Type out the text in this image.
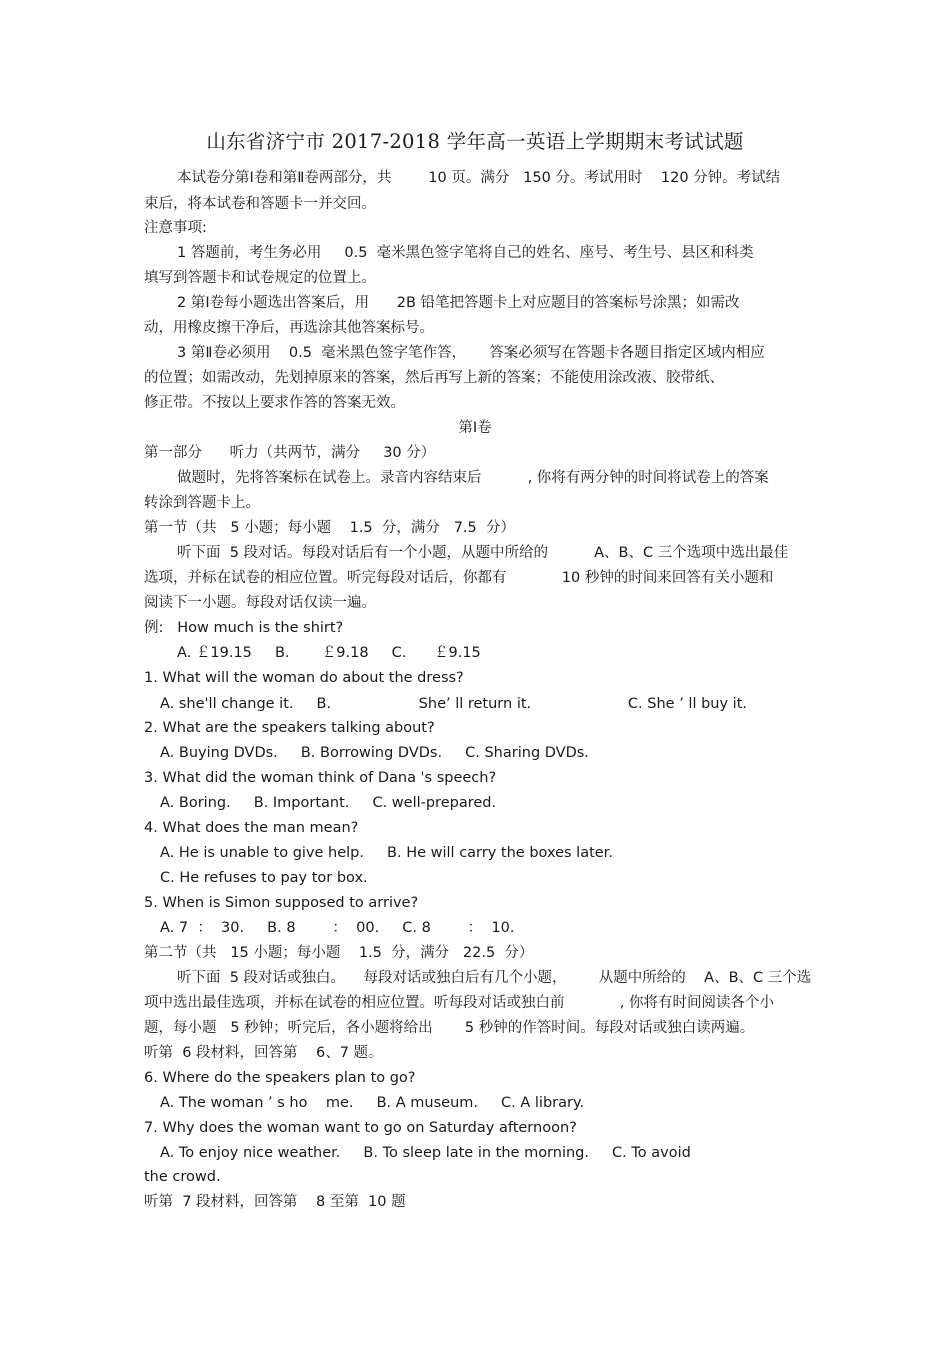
山东省济宁市 2017-2018 学年高一英语上学期期末考试试题
本试卷分第Ⅰ卷和第Ⅱ卷两部分，共        10 页。满分   150 分。考试用时    120 分钟。考试结
束后，将本试卷和答题卡一并交回。
注意事项:
1 答题前，考生务必用     0.5  毫米黑色签字笔将自己的姓名、座号、考生号、县区和科类
填写到答题卡和试卷规定的位置上。
2 第Ⅰ卷每小题选出答案后，用      2B 铅笔把答题卡上对应题目的答案标号涂黑；如需改
动，用橡皮擦干净后，再选涂其他答案标号。
3 第Ⅱ卷必须用    0.5  毫米黑色签字笔作答，     答案必须写在答题卡各题目指定区域内相应
的位置；如需改动，先划掉原来的答案，然后再写上新的答案；不能使用涂改液、胶带纸、
修正带。不按以上要求作答的答案无效。
第Ⅰ卷
第一部分      听力（共两节，满分     30 分）
做题时，先将答案标在试卷上。录音内容结束后          , 你将有两分钟的时间将试卷上的答案
转涂到答题卡上。
第一节（共   5 小题；每小题    1.5  分，满分   7.5  分）
听下面  5 段对话。每段对话后有一个小题，从题中所给的          A、B、C 三个选项中选出最佳
选项，并标在试卷的相应位置。听完每段对话后，你都有            10 秒钟的时间来回答有关小题和
阅读下一小题。每段对话仅读一遍。
例:   How much is the shirt?
A. ￡19.15     B.       ￡9.18     C.      ￡9.15
1. What will the woman do about the dress?
A. she'll change it.     B.                   She’ ll return it.                     C. She ’ ll buy it.
2. What are the speakers talking about?
A. Buying DVDs.     B. Borrowing DVDs.     C. Sharing DVDs.
3. What did the woman think of Dana 's speech?
A. Boring.     B. Important.     C. well-prepared.
4. What does the man mean?
A. He is unable to give help.     B. He will carry the boxes later.
C. He refuses to pay tor box.
5. When is Simon supposed to arrive?
A. 7  ：  30.     B. 8        ：  00.     C. 8        ：  10.
第二节（共   15 小题；每小题    1.5  分，满分   22.5  分）
听下面  5 段对话或独白。    每段对话或独白后有几个小题，       从题中所给的    A、B、C 三个选
项中选出最佳选项，并标在试卷的相应位置。听每段对话或独白前            , 你将有时间阅读各个小
题，每小题   5 秒钟；听完后，各小题将给出       5 秒钟的作答时间。每段对话或独白读两遍。
听第  6 段材料，回答第    6、7 题。
6. Where do the speakers plan to go?
A. The woman ’ s ho    me.     B. A museum.     C. A library.
7. Why does the woman want to go on Saturday afternoon?
A. To enjoy nice weather.     B. To sleep late in the morning.     C. To avoid
the crowd.
听第  7 段材料，回答第    8 至第  10 题
